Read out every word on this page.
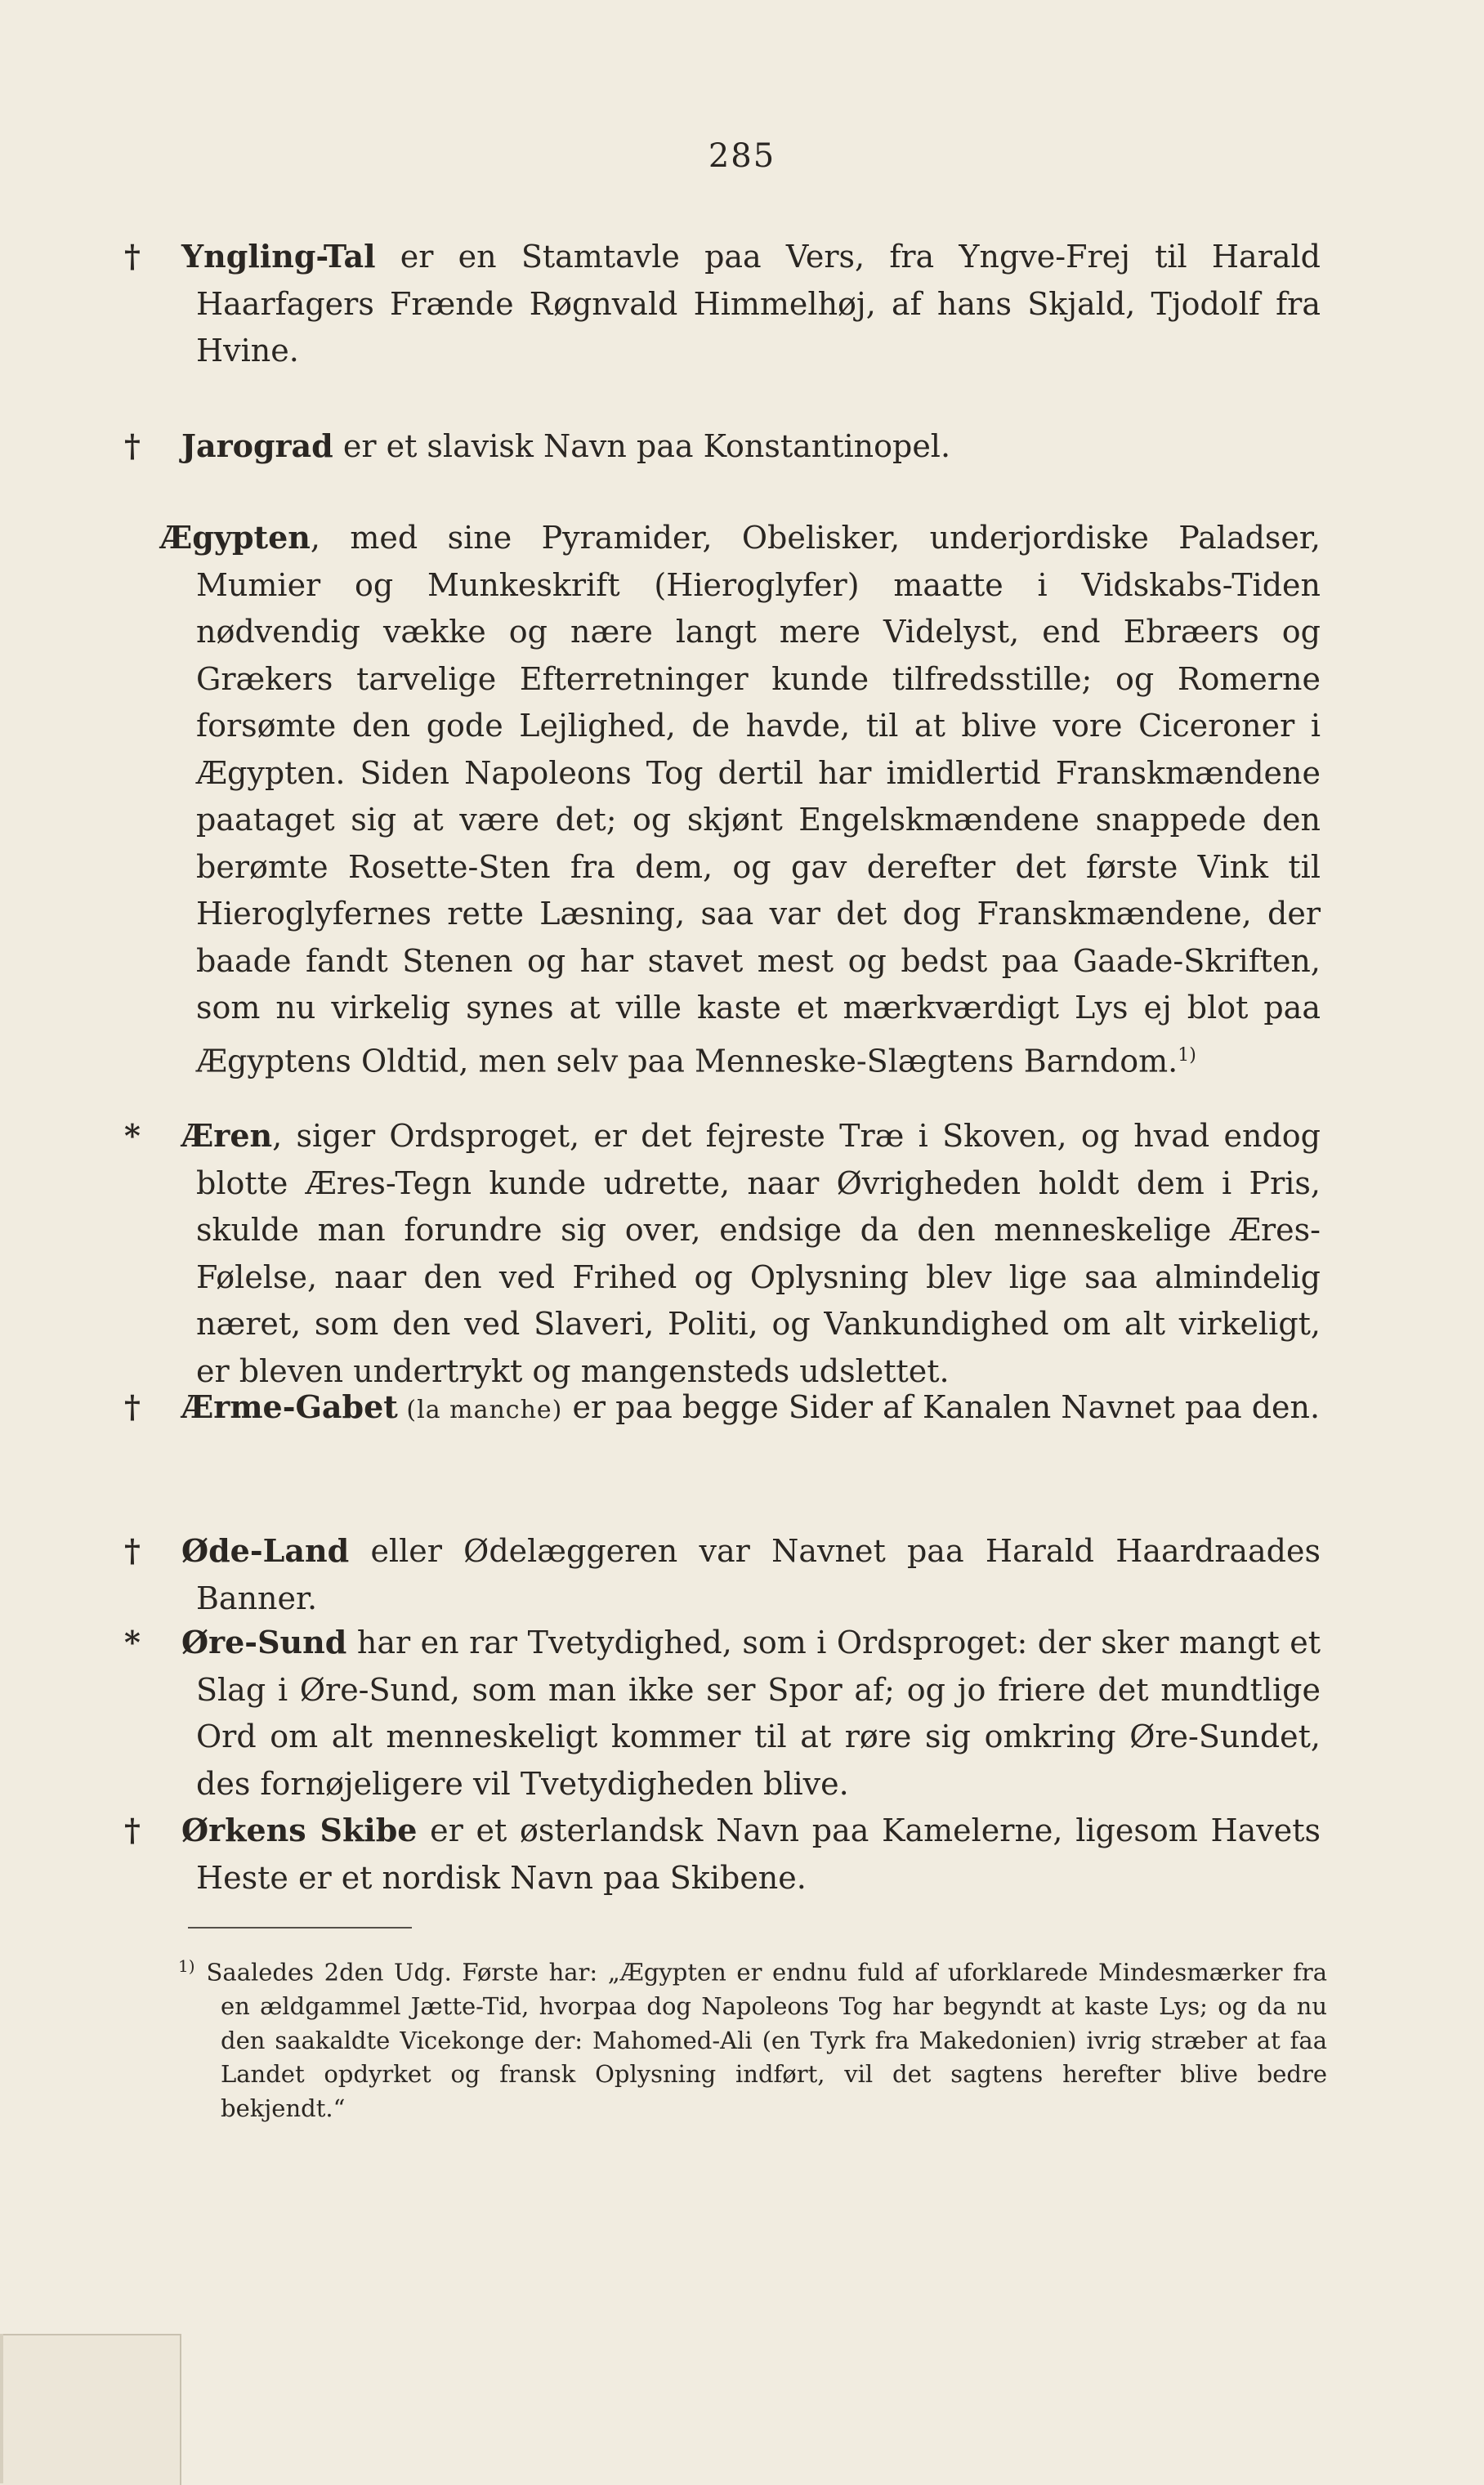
285
† Yngling-Tal er en Stamtavle paa Vers, fra Yngve-Frej til Harald Haarfagers Frænde Røgnvald Himmelhøj, af hans Skjald, Tjodolf fra Hvine.
† Jarograd er et slavisk Navn paa Konstantinopel.
Ægypten, med sine Pyramider, Obelisker, underjordiske Paladser, Mumier og Munkeskrift (Hieroglyfer) maatte i Vidskabs-Tiden nødvendig vække og nære langt mere Videlyst, end Ebræers og Grækers tarvelige Efterretninger kunde tilfredsstille; og Romerne forsømte den gode Lejlighed, de havde, til at blive vore Ciceroner i Ægypten. Siden Napoleons Tog dertil har imidlertid Franskmændene paataget sig at være det; og skjønt Engelskmændene snappede den berømte Rosette-Sten fra dem, og gav derefter det første Vink til Hieroglyfernes rette Læsning, saa var det dog Franskmændene, der baade fandt Stenen og har stavet mest og bedst paa Gaade-Skriften, som nu virkelig synes at ville kaste et mærkværdigt Lys ej blot paa Ægyptens Oldtid, men selv paa Menneske-Slægtens Barndom.$^{1)}$
* Æren, siger Ordsproget, er det fejreste Træ i Skoven, og hvad endog blotte Æres-Tegn kunde udrette, naar Øvrigheden holdt dem i Pris, skulde man forundre sig over, endsige da den menneskelige Æres-Følelse, naar den ved Frihed og Oplysning blev lige saa almindelig næret, som den ved Slaveri, Politi, og Vankundighed om alt virkeligt, er bleven undertrykt og mangensteds udslettet.
† Ærme-Gabet (la manche) er paa begge Sider af Kanalen Navnet paa den.
† Øde-Land eller Ødelæggeren var Navnet paa Harald Haardraades Banner.
* Øre-Sund har en rar Tvetydighed, som i Ordsproget: der sker mangt et Slag i Øre-Sund, som man ikke ser Spor af; og jo friere det mundtlige Ord om alt menneskeligt kommer til at røre sig omkring Øre-Sundet, des fornøjeligere vil Tvetydigheden blive.
† Ørkens Skibe er et østerlandsk Navn paa Kamelerne, ligesom Havets Heste er et nordisk Navn paa Skibene.
$^{1)}$ Saaledes 2den Udg. Første har: „Ægypten er endnu fuld af uforklarede Mindesmærker fra en ældgammel Jætte-Tid, hvorpaa dog Napoleons Tog har begyndt at kaste Lys; og da nu den saakaldte Vicekonge der: Mahomed-Ali (en Tyrk fra Makedonien) ivrig stræber at faa Landet opdyrket og fransk Oplysning indført, vil det sagtens herefter blive bedre bekjendt.“
